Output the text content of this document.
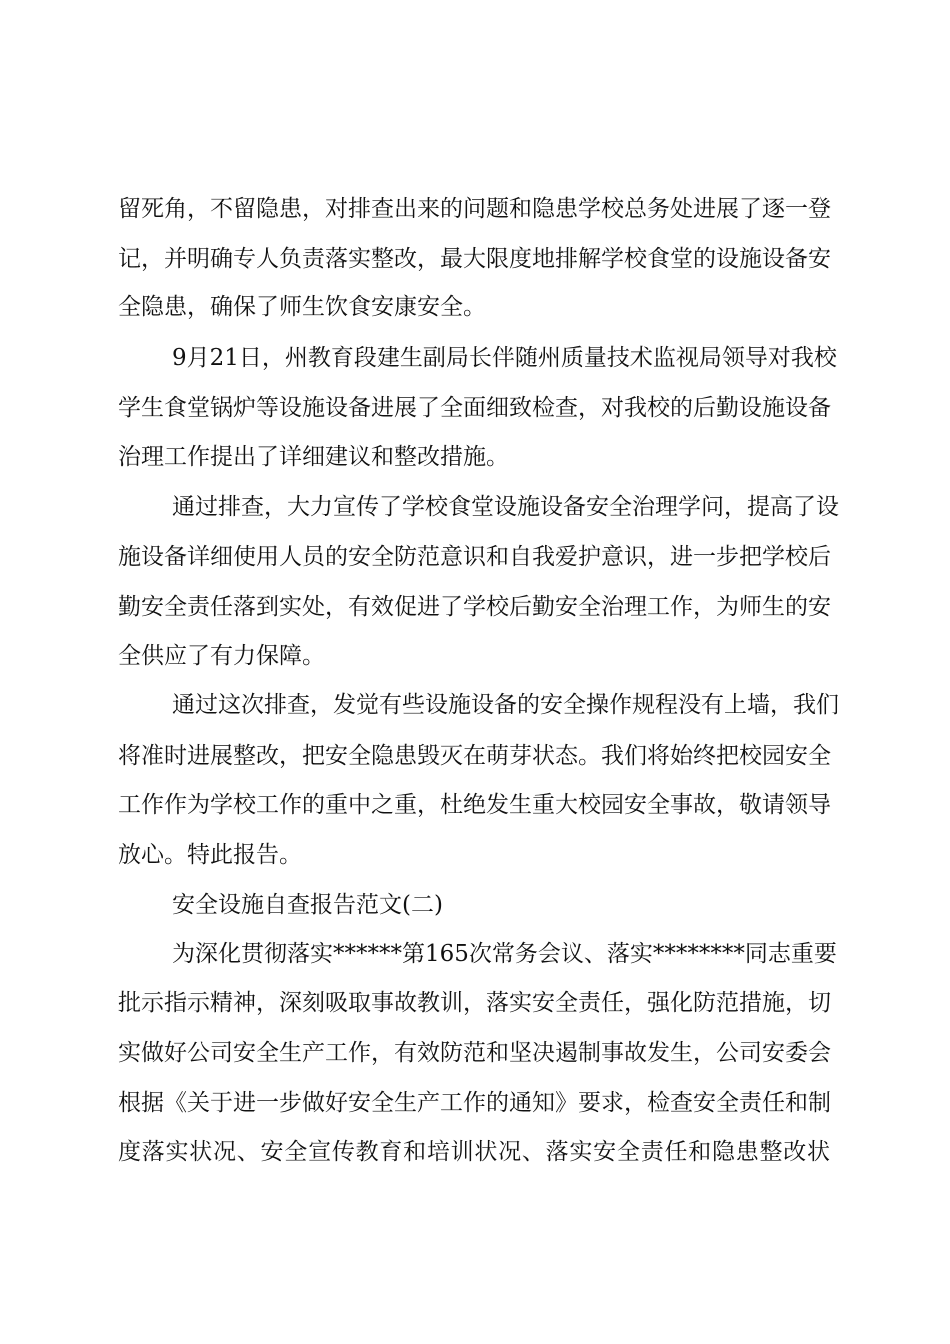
留死角，不留隐患，对排查出来的问题和隐患学校总务处进展了逐一登
记，并明确专人负责落实整改，最大限度地排解学校食堂的设施设备安
全隐患，确保了师生饮食安康安全。
9月21日，州教育段建生副局长伴随州质量技术监视局领导对我校
学生食堂锅炉等设施设备进展了全面细致检查，对我校的后勤设施设备
治理工作提出了详细建议和整改措施。
通过排查，大力宣传了学校食堂设施设备安全治理学问，提高了设
施设备详细使用人员的安全防范意识和自我爱护意识，进一步把学校后
勤安全责任落到实处，有效促进了学校后勤安全治理工作，为师生的安
全供应了有力保障。
通过这次排查，发觉有些设施设备的安全操作规程没有上墙，我们
将准时进展整改，把安全隐患毁灭在萌芽状态。我们将始终把校园安全
工作作为学校工作的重中之重，杜绝发生重大校园安全事故，敬请领导
放心。特此报告。
安全设施自查报告范文(二)
为深化贯彻落实******第165次常务会议、落实********同志重要
批示指示精神，深刻吸取事故教训，落实安全责任，强化防范措施，切
实做好公司安全生产工作，有效防范和坚决遏制事故发生，公司安委会
根据《关于进一步做好安全生产工作的通知》要求，检查安全责任和制
度落实状况、安全宣传教育和培训状况、落实安全责任和隐患整改状
